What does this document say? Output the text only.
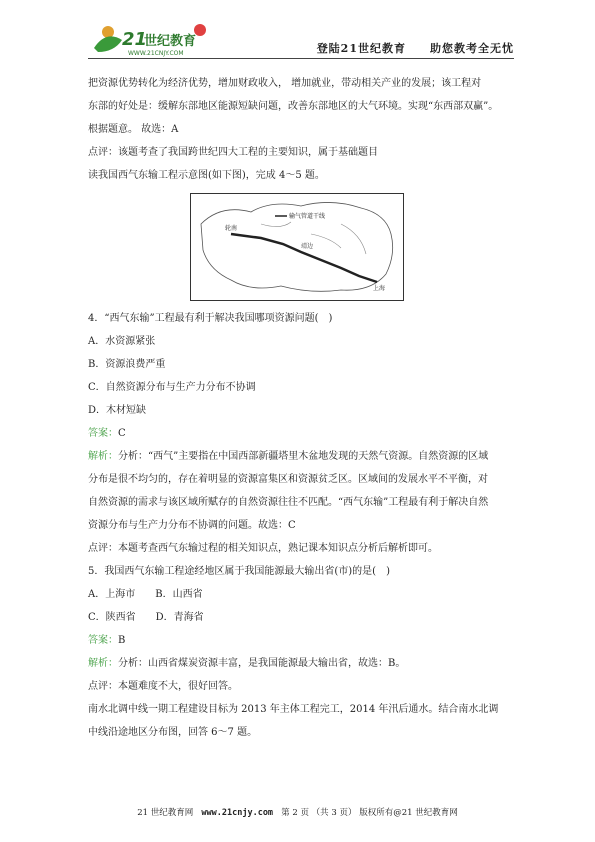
21
世纪教育
WWW.21CNJY.COM	登陆21世纪教育　　助您教考全无忧

把资源优势转化为经济优势，增加财政收入， 增加就业，带动相关产业的发展；该工程对

东部的好处是：缓解东部地区能源短缺问题，改善东部地区的大气环境。实现“东西部双赢”。

根据题意。 故选：A

点评：该题考查了我国跨世纪四大工程的主要知识，属于基础题目

读我国西气东输工程示意图(如下图)，完成 4～5 题。

输气管道干线
轮南
靖边
上海

4．“西气东输”工程最有利于解决我国哪项资源问题(　)

A．水资源紧张

B．资源浪费严重

C．自然资源分布与生产力分布不协调

D．木材短缺

答案：C

解析：分析：“西气”主要指在中国西部新疆塔里木盆地发现的天然气资源。自然资源的区域

分布是很不均匀的，存在着明显的资源富集区和资源贫乏区。区域间的发展水平不平衡，对

自然资源的需求与该区域所赋存的自然资源往往不匹配。“西气东输”工程最有利于解决自然

资源分布与生产力分布不协调的问题。故选：C

点评：本题考查西气东输过程的相关知识点，熟记课本知识点分析后解析即可。

5．我国西气东输工程途经地区属于我国能源最大输出省(市)的是(　)

A．上海市　　B．山西省

C．陕西省　　D．青海省

答案：B

解析：分析：山西省煤炭资源丰富，是我国能源最大输出省，故选：B。

点评：本题难度不大，很好回答。

南水北调中线一期工程建设目标为 2013 年主体工程完工，2014 年汛后通水。结合南水北调

中线沿途地区分布图，回答 6～7 题。

21 世纪教育网 www.21cnjy.com 第 2 页 （共 3 页） 版权所有@21 世纪教育网
